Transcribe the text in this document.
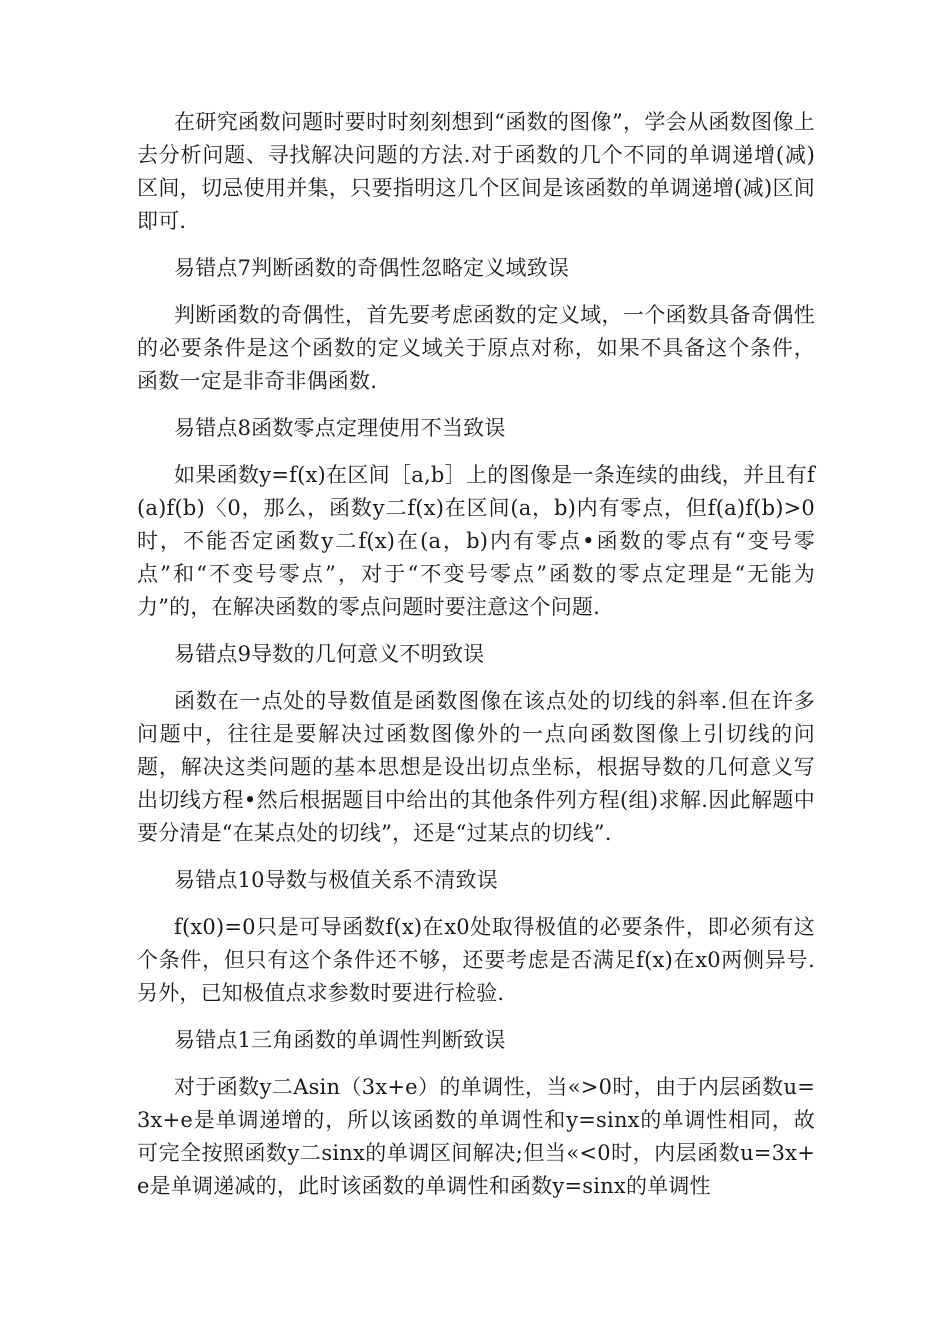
在研究函数问题时要时时刻刻想到“函数的图像”，学会从函数图像上去分析问题、寻找解决问题的方法.对于函数的几个不同的单调递增(减)区间，切忌使用并集，只要指明这几个区间是该函数的单调递增(减)区间即可.

易错点7判断函数的奇偶性忽略定义域致误

判断函数的奇偶性，首先要考虑函数的定义域，一个函数具备奇偶性的必要条件是这个函数的定义域关于原点对称，如果不具备这个条件，函数一定是非奇非偶函数.

易错点8函数零点定理使用不当致误

如果函数y=f(x)在区间［a,b］上的图像是一条连续的曲线，并且有f(a)f(b)〈0，那么，函数y二f(x)在区间(a，b)内有零点，但f(a)f(b)>0时，不能否定函数y二f(x)在(a，b)内有零点•函数的零点有“变号零点”和“不变号零点”，对于“不变号零点”函数的零点定理是“无能为力”的，在解决函数的零点问题时要注意这个问题.

易错点9导数的几何意义不明致误

函数在一点处的导数值是函数图像在该点处的切线的斜率.但在许多问题中，往往是要解决过函数图像外的一点向函数图像上引切线的问题，解决这类问题的基本思想是设出切点坐标，根据导数的几何意义写出切线方程•然后根据题目中给出的其他条件列方程(组)求解.因此解题中要分清是“在某点处的切线”，还是“过某点的切线”.

易错点10导数与极值关系不清致误

f(x0)=0只是可导函数f(x)在x0处取得极值的必要条件，即必须有这个条件，但只有这个条件还不够，还要考虑是否满足f(x)在x0两侧异号.另外，已知极值点求参数时要进行检验.

易错点1三角函数的单调性判断致误

对于函数y二Asin（3x+e）的单调性，当«>0时，由于内层函数u=3x+e是单调递增的，所以该函数的单调性和y=sinx的单调性相同，故可完全按照函数y二sinx的单调区间解决;但当«<0时，内层函数u=3x+e是单调递减的，此时该函数的单调性和函数y=sinx的单调性
